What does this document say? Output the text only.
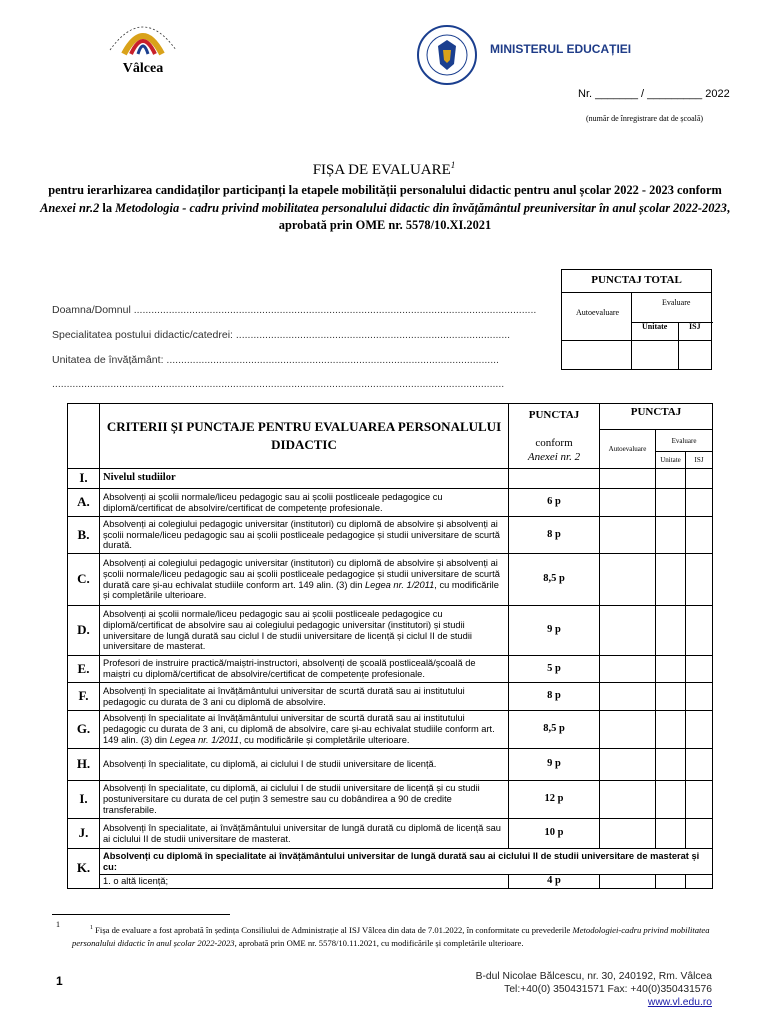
Vâlcea
MINISTERUL EDUCAȚIEI
Nr. _______ / _________ 2022
(număr de înregistrare dat de școală)
FIȘA DE EVALUARE$^1$
pentru ierarhizarea candidaților participanți la etapele mobilității personalului didactic pentru anul școlar 2022 - 2023 conform Anexei nr.2 la Metodologia - cadru privind mobilitatea personalului didactic din învățământul preuniversitar în anul școlar 2022-2023, aprobată prin OME nr. 5578/10.XI.2021
Doamna/Domnul ..........................................................................................................................................
Specialitatea postului didactic/catedrei: ..............................................................................................
Unitatea de învățământ: ..................................................................................................................
...........................................................................................................................................................
PUNCTAJ TOTAL
Autoevaluare
Evaluare
Unitate	ISJ
	CRITERII ȘI PUNCTAJE PENTRU EVALUAREA PERSONALULUI DIDACTIC	PUNCTAJ

conform
Anexei nr. 2	PUNCTAJ		
			Autoevaluare	Evaluare	
				Unitate	ISJ
I.	Nivelul studiilor				
A.	Absolvenți ai școlii normale/liceu pedagogic sau ai școlii postliceale pedagogice cu diplomă/certificat de absolvire/certificat de competențe profesionale.	6 p			
B.	Absolvenți ai colegiului pedagogic universitar (institutori) cu diplomă de absolvire și absolvenți ai școlii normale/liceu pedagogic sau ai școlii postliceale pedagogice și studii universitare de scurtă durată.	8 p			
C.	Absolvenți ai colegiului pedagogic universitar (institutori) cu diplomă de absolvire și absolvenți ai școlii normale/liceu pedagogic sau ai școlii postliceale pedagogice și studii universitare de scurtă durată care și-au echivalat studiile conform art. 149 alin. (3) din Legea nr. 1/2011, cu modificările și completările ulterioare.	8,5 p			
D.	Absolvenți ai școlii normale/liceu pedagogic sau ai școlii postliceale pedagogice cu diplomă/certificat de absolvire sau ai colegiului pedagogic universitar (institutori) și studii universitare de lungă durată sau ciclul I de studii universitare de licență și ciclul II de studii universitare de masterat.	9 p			
E.	Profesori de instruire practică/maiștri-instructori, absolvenți de școală postliceală/școală de maiștri cu diplomă/certificat de absolvire/certificat de competențe profesionale.	5 p			
F.	Absolvenți în specialitate ai învățământului universitar de scurtă durată sau ai institutului pedagogic cu durata de 3 ani cu diplomă de absolvire.	8 p			
G.	Absolvenți în specialitate ai învățământului universitar de scurtă durată sau ai institutului pedagogic cu durata de 3 ani, cu diplomă de absolvire, care și-au echivalat studiile conform art. 149 alin. (3) din Legea nr. 1/2011, cu modificările și completările ulterioare.	8,5 p			
H.	Absolvenți în specialitate, cu diplomă, ai ciclului I de studii universitare de licență.	9 p			
I.	Absolvenți în specialitate, cu diplomă, ai ciclului I de studii universitare de licență și cu studii postuniversitare cu durata de cel puțin 3 semestre sau cu dobândirea a 90 de credite transferabile.	12 p			
J.	Absolvenți în specialitate, ai învățământului universitar de lungă durată cu diplomă de licență sau ai ciclului II de studii universitare de masterat.	10 p			
K.	Absolvenți cu diplomă în specialitate ai învățământului universitar de lungă durată sau ai ciclului II de studii universitare de masterat și cu:				
	1. o altă licență;	4 p			
1	$^1$ Fișa de evaluare a fost aprobată în ședința Consiliului de Administrație al ISJ Vâlcea din data de 7.01.2022, în conformitate cu prevederile Metodologiei-cadru privind mobilitatea personalului didactic în anul școlar 2022-2023, aprobată prin OME nr. 5578/10.11.2021, cu modificările și completările ulterioare.
1	B-dul Nicolae Bălcescu, nr. 30, 240192, Rm. Vâlcea
Tel:+40(0) 350431571 Fax: +40(0)350431576
www.vl.edu.ro
